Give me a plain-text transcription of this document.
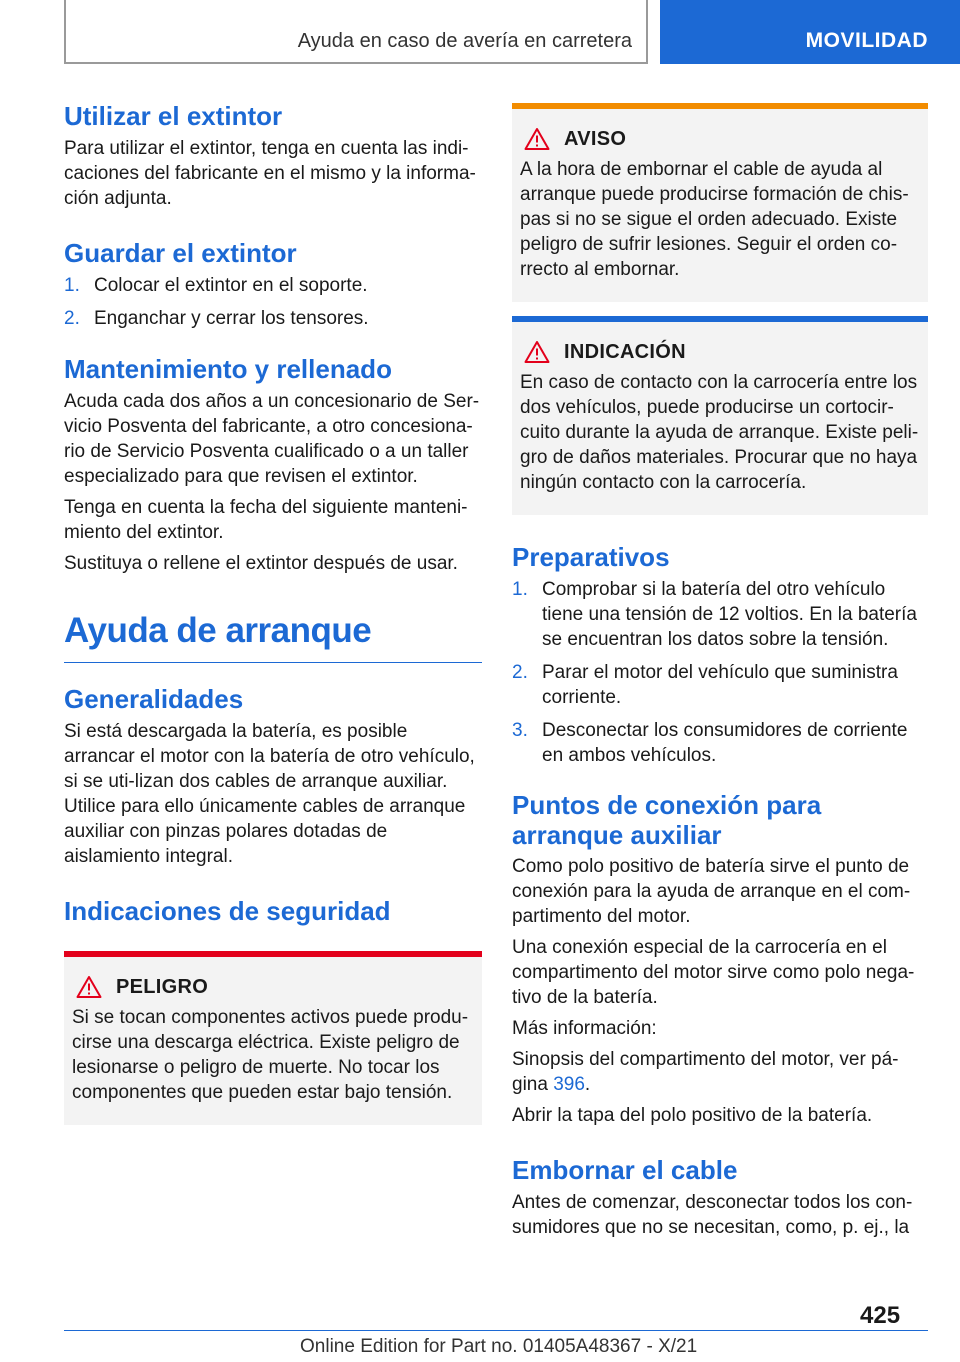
Ayuda en caso de avería en carretera	MOVILIDAD
Utilizar el extintor

Para utilizar el extintor, tenga en cuenta las indi-caciones del fabricante en el mismo y la informa-ción adjunta.

Guardar el extintor
1. Colocar el extintor en el soporte.
2. Enganchar y cerrar los tensores.
Mantenimiento y rellenado

Acuda cada dos años a un concesionario de Ser-vicio Posventa del fabricante, a otro concesiona-rio de Servicio Posventa cualificado o a un taller especializado para que revisen el extintor.

Tenga en cuenta la fecha del siguiente manteni-miento del extintor.

Sustituya o rellene el extintor después de usar.

Ayuda de arranque
Generalidades

Si está descargada la batería, es posible arrancar el motor con la batería de otro vehículo, si se uti-lizan dos cables de arranque auxiliar. Utilice para ello únicamente cables de arranque auxiliar con pinzas polares dotadas de aislamiento integral.

Indicaciones de seguridad
PELIGRO

Si se tocan componentes activos puede produ-cirse una descarga eléctrica. Existe peligro de lesionarse o peligro de muerte. No tocar los componentes que pueden estar bajo tensión.

AVISO

A la hora de embornar el cable de ayuda al arranque puede producirse formación de chis-pas si no se sigue el orden adecuado. Existe peligro de sufrir lesiones. Seguir el orden co-rrecto al embornar.

INDICACIÓN

En caso de contacto con la carrocería entre los dos vehículos, puede producirse un cortocir-cuito durante la ayuda de arranque. Existe peli-gro de daños materiales. Procurar que no haya ningún contacto con la carrocería.

Preparativos
1. Comprobar si la batería del otro vehículo tiene una tensión de 12 voltios. En la batería se encuentran los datos sobre la tensión.
2. Parar el motor del vehículo que suministra corriente.
3. Desconectar los consumidores de corriente en ambos vehículos.
Puntos de conexión para arranque auxiliar

Como polo positivo de batería sirve el punto de conexión para la ayuda de arranque en el com-partimento del motor.

Una conexión especial de la carrocería en el compartimento del motor sirve como polo nega-tivo de la batería.

Más información:

Sinopsis del compartimento del motor, ver pá-gina 396.

Abrir la tapa del polo positivo de la batería.

Embornar el cable

Antes de comenzar, desconectar todos los con-sumidores que no se necesitan, como, p. ej., la

425
Online Edition for Part no. 01405A48367 - X/21
